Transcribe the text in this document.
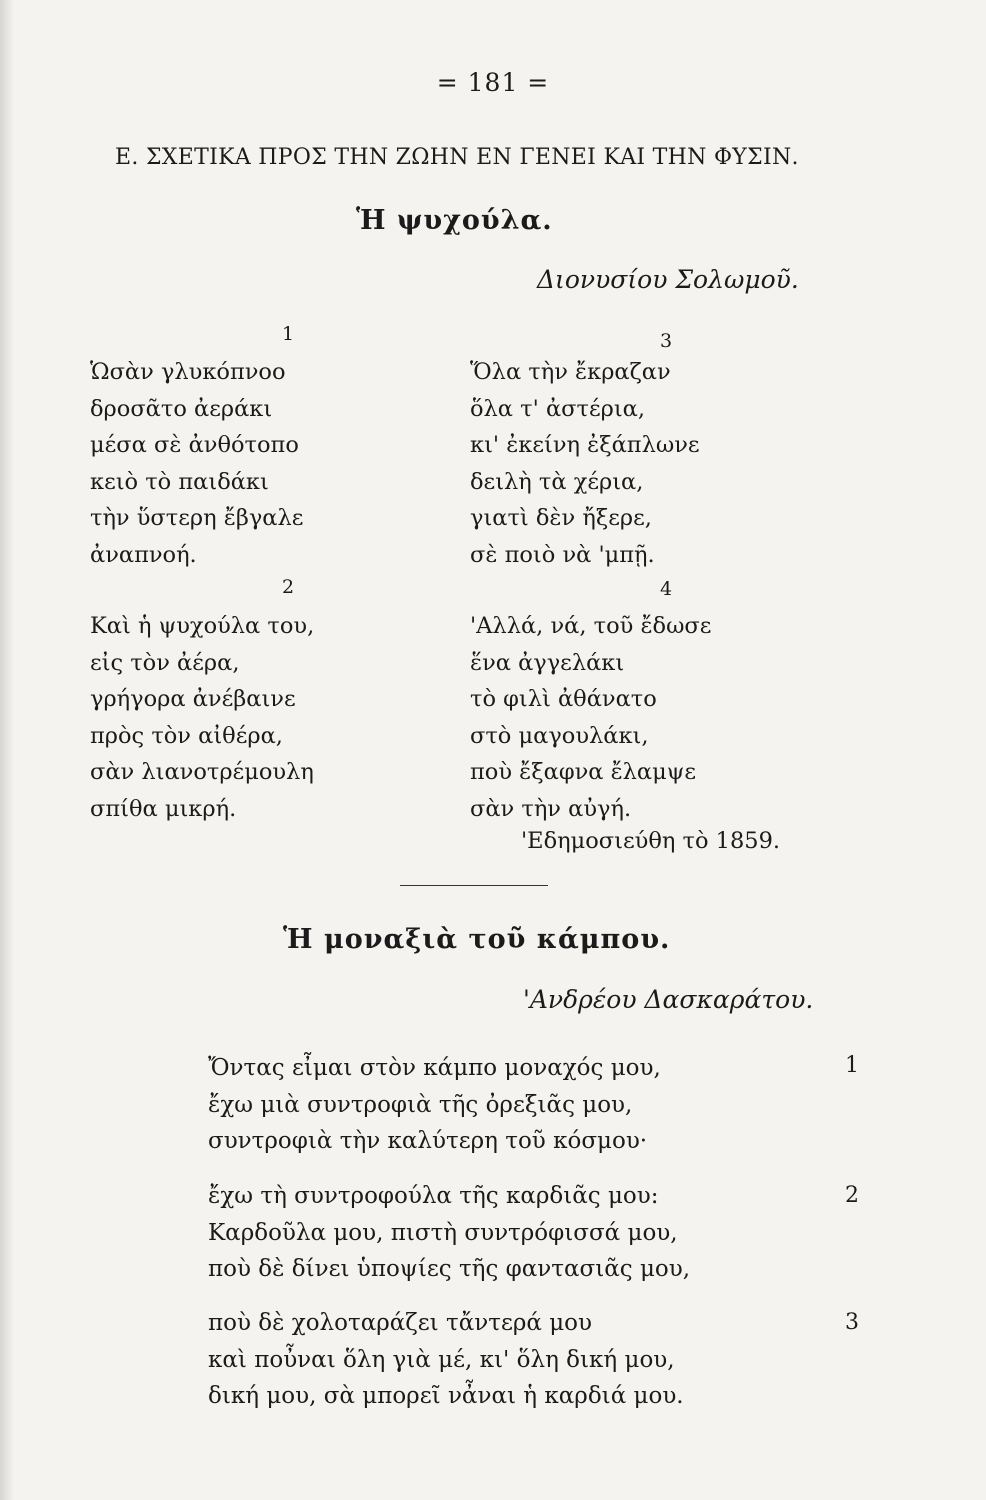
= 181 =
Ε. ΣΧΕΤΙΚΑ ΠΡΟΣ ΤΗΝ ΖΩΗΝ ΕΝ ΓΕΝΕΙ ΚΑΙ ΤΗΝ ΦΥΣΙΝ.
Ἡ ψυχούλα.
Διονυσίου Σολωμοῦ.
1
Ὡσὰν γλυκόπνοο
δροσᾶτο ἀεράκι
μέσα σὲ ἀνθότοπο
κειὸ τὸ παιδάκι
τὴν ὕστερη ἔβγαλε
ἀναπνοή.
2
Καὶ ἡ ψυχούλα του,
εἰς τὸν ἀέρα,
γρήγορα ἀνέβαινε
πρὸς τὸν αἰθέρα,
σὰν λιανοτρέμουλη
σπίθα μικρή.
3
Ὅλα τὴν ἔκραζαν
ὅλα τ' ἀστέρια,
κι' ἐκείνη ἐξάπλωνε
δειλὴ τὰ χέρια,
γιατὶ δὲν ἤξερε,
σὲ ποιὸ νὰ 'μπῇ.
4
'Αλλά, νά, τοῦ ἔδωσε
ἕνα ἀγγελάκι
τὸ φιλὶ ἀθάνατο
στὸ μαγουλάκι,
ποὺ ἔξαφνα ἔλαμψε
σὰν τὴν αὐγή.
'Εδημοσιεύθη τὸ 1859.
Ἡ μοναξιὰ τοῦ κάμπου.
'Ανδρέου Δασκαράτου.
Ὄντας εἶμαι στὸν κάμπο μοναχός μου,
ἔχω μιὰ συντροφιὰ τῆς ὀρεξιᾶς μου,
συντροφιὰ τὴν καλύτερη τοῦ κόσμου·
1
ἔχω τὴ συντροφούλα τῆς καρδιᾶς μου:
Καρδοῦλα μου, πιστὴ συντρόφισσά μου,
ποὺ δὲ δίνει ὑποψίες τῆς φαντασιᾶς μου,
2
ποὺ δὲ χολοταράζει τἄντερά μου
καὶ ποὖναι ὅλη γιὰ μέ, κι' ὅλη δική μου,
δική μου, σὰ μπορεῖ νἆναι ἡ καρδιά μου.
3
